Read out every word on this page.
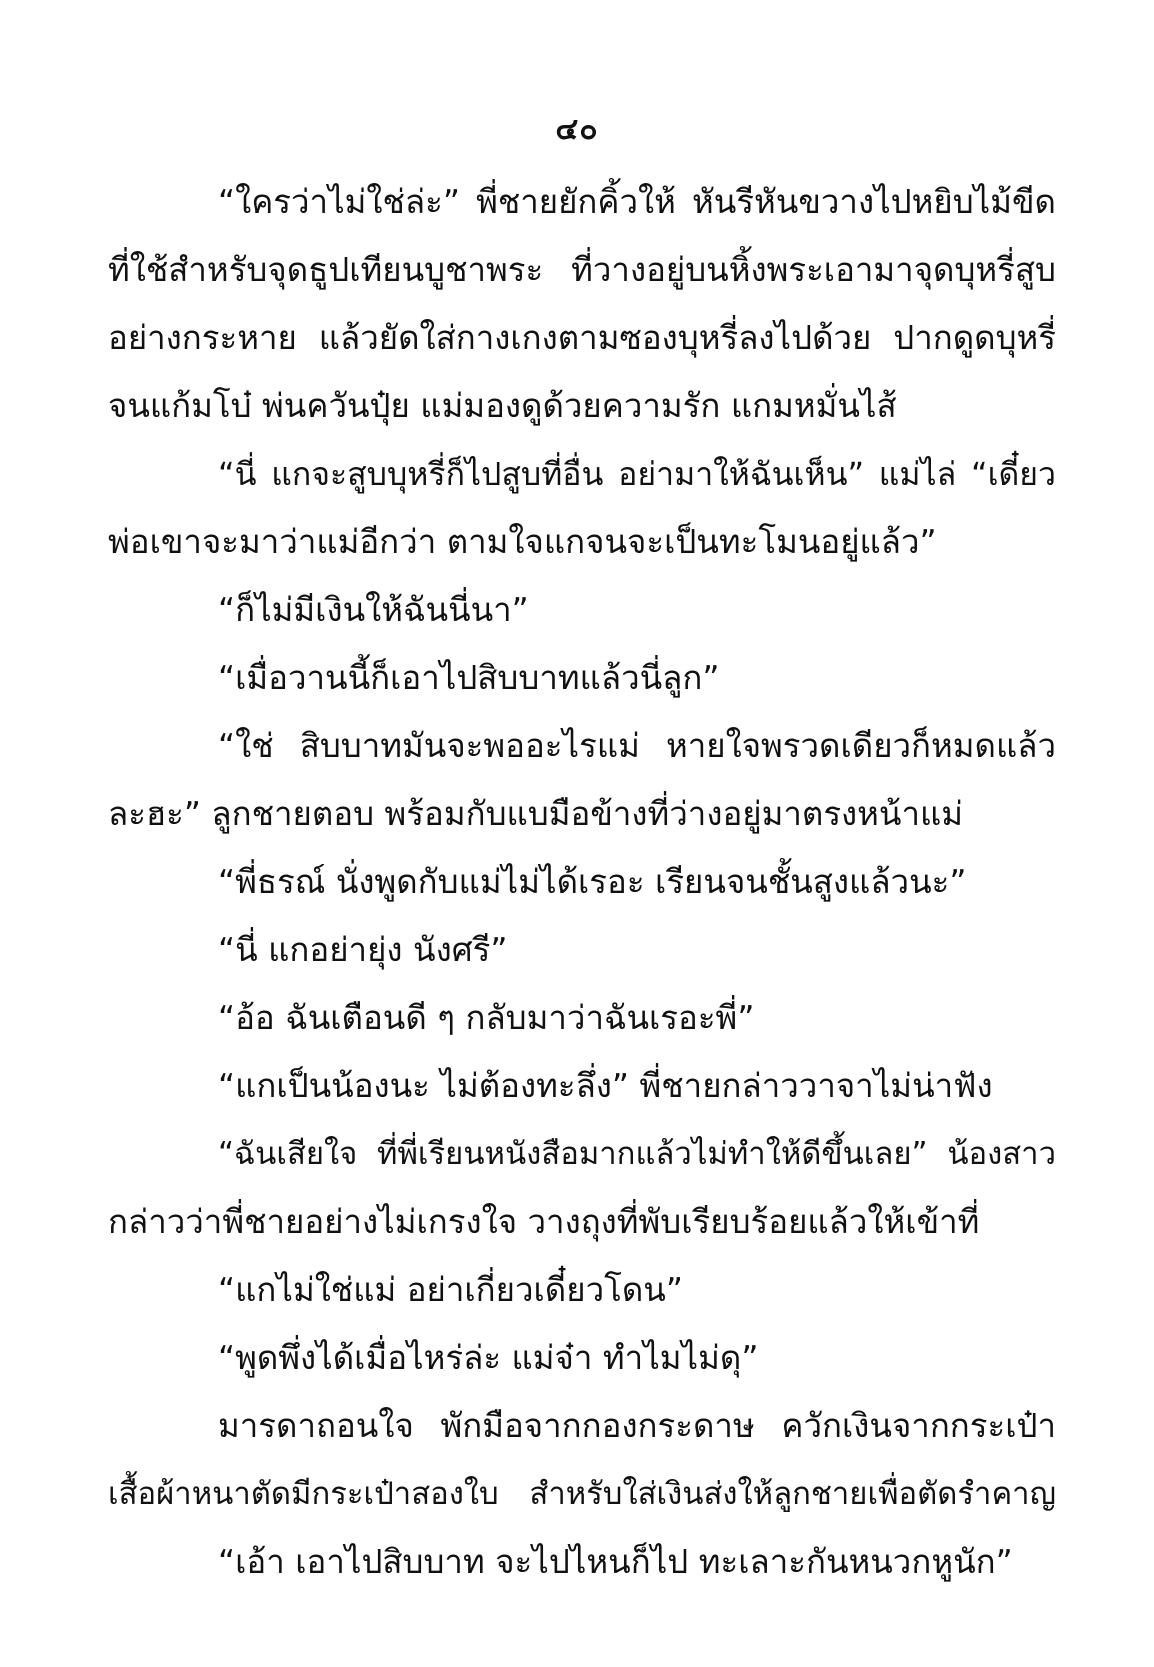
๔๐
“ใครว่าไม่ใช่ล่ะ” พี่ชายยักคิ้วให้ หันรีหันขวางไปหยิบไม้ขีด
ที่ใช้สำหรับจุดธูปเทียนบูชาพระ ที่วางอยู่บนหิ้งพระเอามาจุดบุหรี่สูบ
อย่างกระหาย แล้วยัดใส่กางเกงตามซองบุหรี่ลงไปด้วย ปากดูดบุหรี่
จนแก้มโบ๋ พ่นควันปุ๋ย แม่มองดูด้วยความรัก แกมหมั่นไส้
“นี่ แกจะสูบบุหรี่ก็ไปสูบที่อื่น อย่ามาให้ฉันเห็น” แม่ไล่ “เดี๋ยว
พ่อเขาจะมาว่าแม่อีกว่า ตามใจแกจนจะเป็นทะโมนอยู่แล้ว”
“ก็ไม่มีเงินให้ฉันนี่นา”
“เมื่อวานนี้ก็เอาไปสิบบาทแล้วนี่ลูก”
“ใช่ สิบบาทมันจะพออะไรแม่ หายใจพรวดเดียวก็หมดแล้ว
ละฮะ” ลูกชายตอบ พร้อมกับแบมือข้างที่ว่างอยู่มาตรงหน้าแม่
“พี่ธรณ์ นั่งพูดกับแม่ไม่ได้เรอะ เรียนจนชั้นสูงแล้วนะ”
“นี่ แกอย่ายุ่ง นังศรี”
“อ้อ ฉันเตือนดี ๆ กลับมาว่าฉันเรอะพี่”
“แกเป็นน้องนะ ไม่ต้องทะลึ่ง” พี่ชายกล่าววาจาไม่น่าฟัง
“ฉันเสียใจ ที่พี่เรียนหนังสือมากแล้วไม่ทำให้ดีขึ้นเลย” น้องสาว
กล่าวว่าพี่ชายอย่างไม่เกรงใจ วางถุงที่พับเรียบร้อยแล้วให้เข้าที่
“แกไม่ใช่แม่ อย่าเกี่ยวเดี๋ยวโดน”
“พูดพึ่งได้เมื่อไหร่ล่ะ แม่จ๋า ทำไมไม่ดุ”
มารดาถอนใจ พักมือจากกองกระดาษ ควักเงินจากกระเป๋า
เสื้อผ้าหนาตัดมีกระเป๋าสองใบ สำหรับใส่เงินส่งให้ลูกชายเพื่อตัดรำคาญ
“เอ้า เอาไปสิบบาท จะไปไหนก็ไป ทะเลาะกันหนวกหูนัก”
